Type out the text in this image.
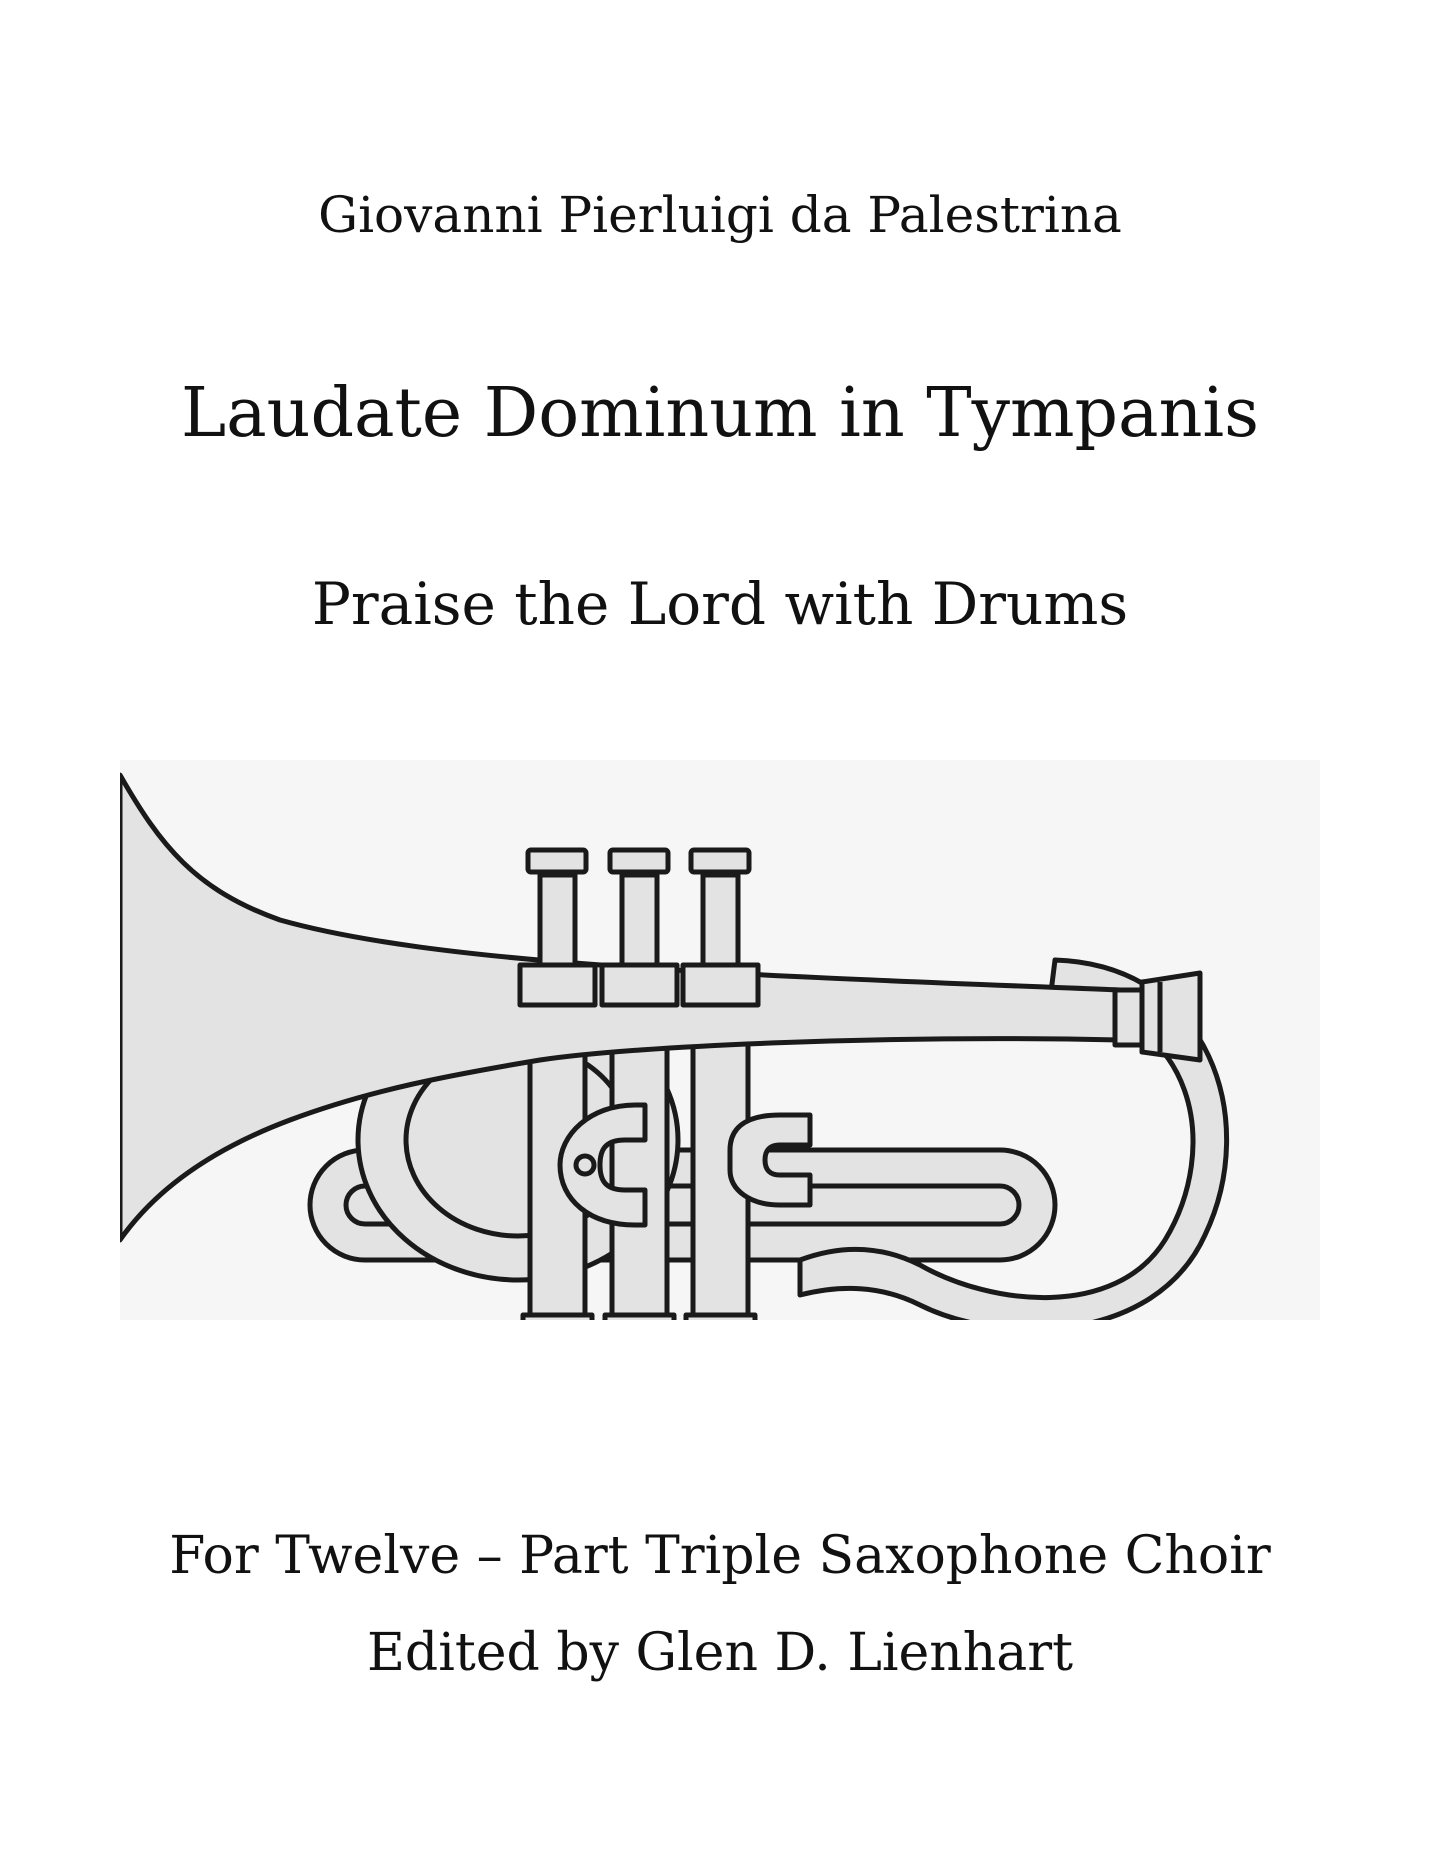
Giovanni Pierluigi da Palestrina
Laudate Dominum in Tympanis
Praise the Lord with Drums
For Twelve – Part Triple Saxophone Choir
Edited by Glen D. Lienhart
